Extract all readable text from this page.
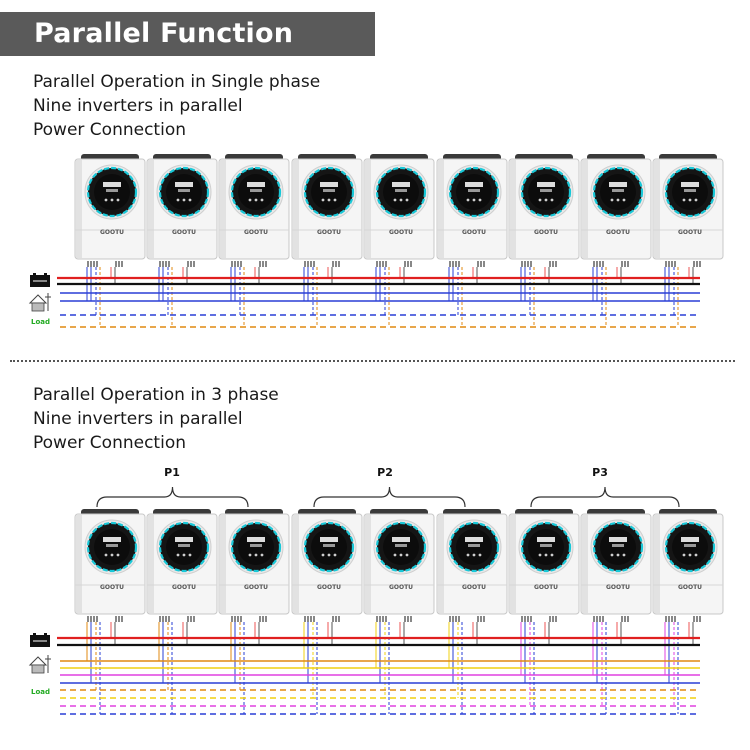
Parallel Function
Parallel Operation in Single phase
Nine inverters in parallel
Power Connection
GOOTU	GOOTU	GOOTU	GOOTU	GOOTU	GOOTU	GOOTU	GOOTU	GOOTU
Load
Parallel Operation in 3 phase
Nine inverters in parallel
Power Connection
P1	P2	P3
GOOTU	GOOTU	GOOTU	GOOTU	GOOTU	GOOTU	GOOTU	GOOTU	GOOTU
Load
